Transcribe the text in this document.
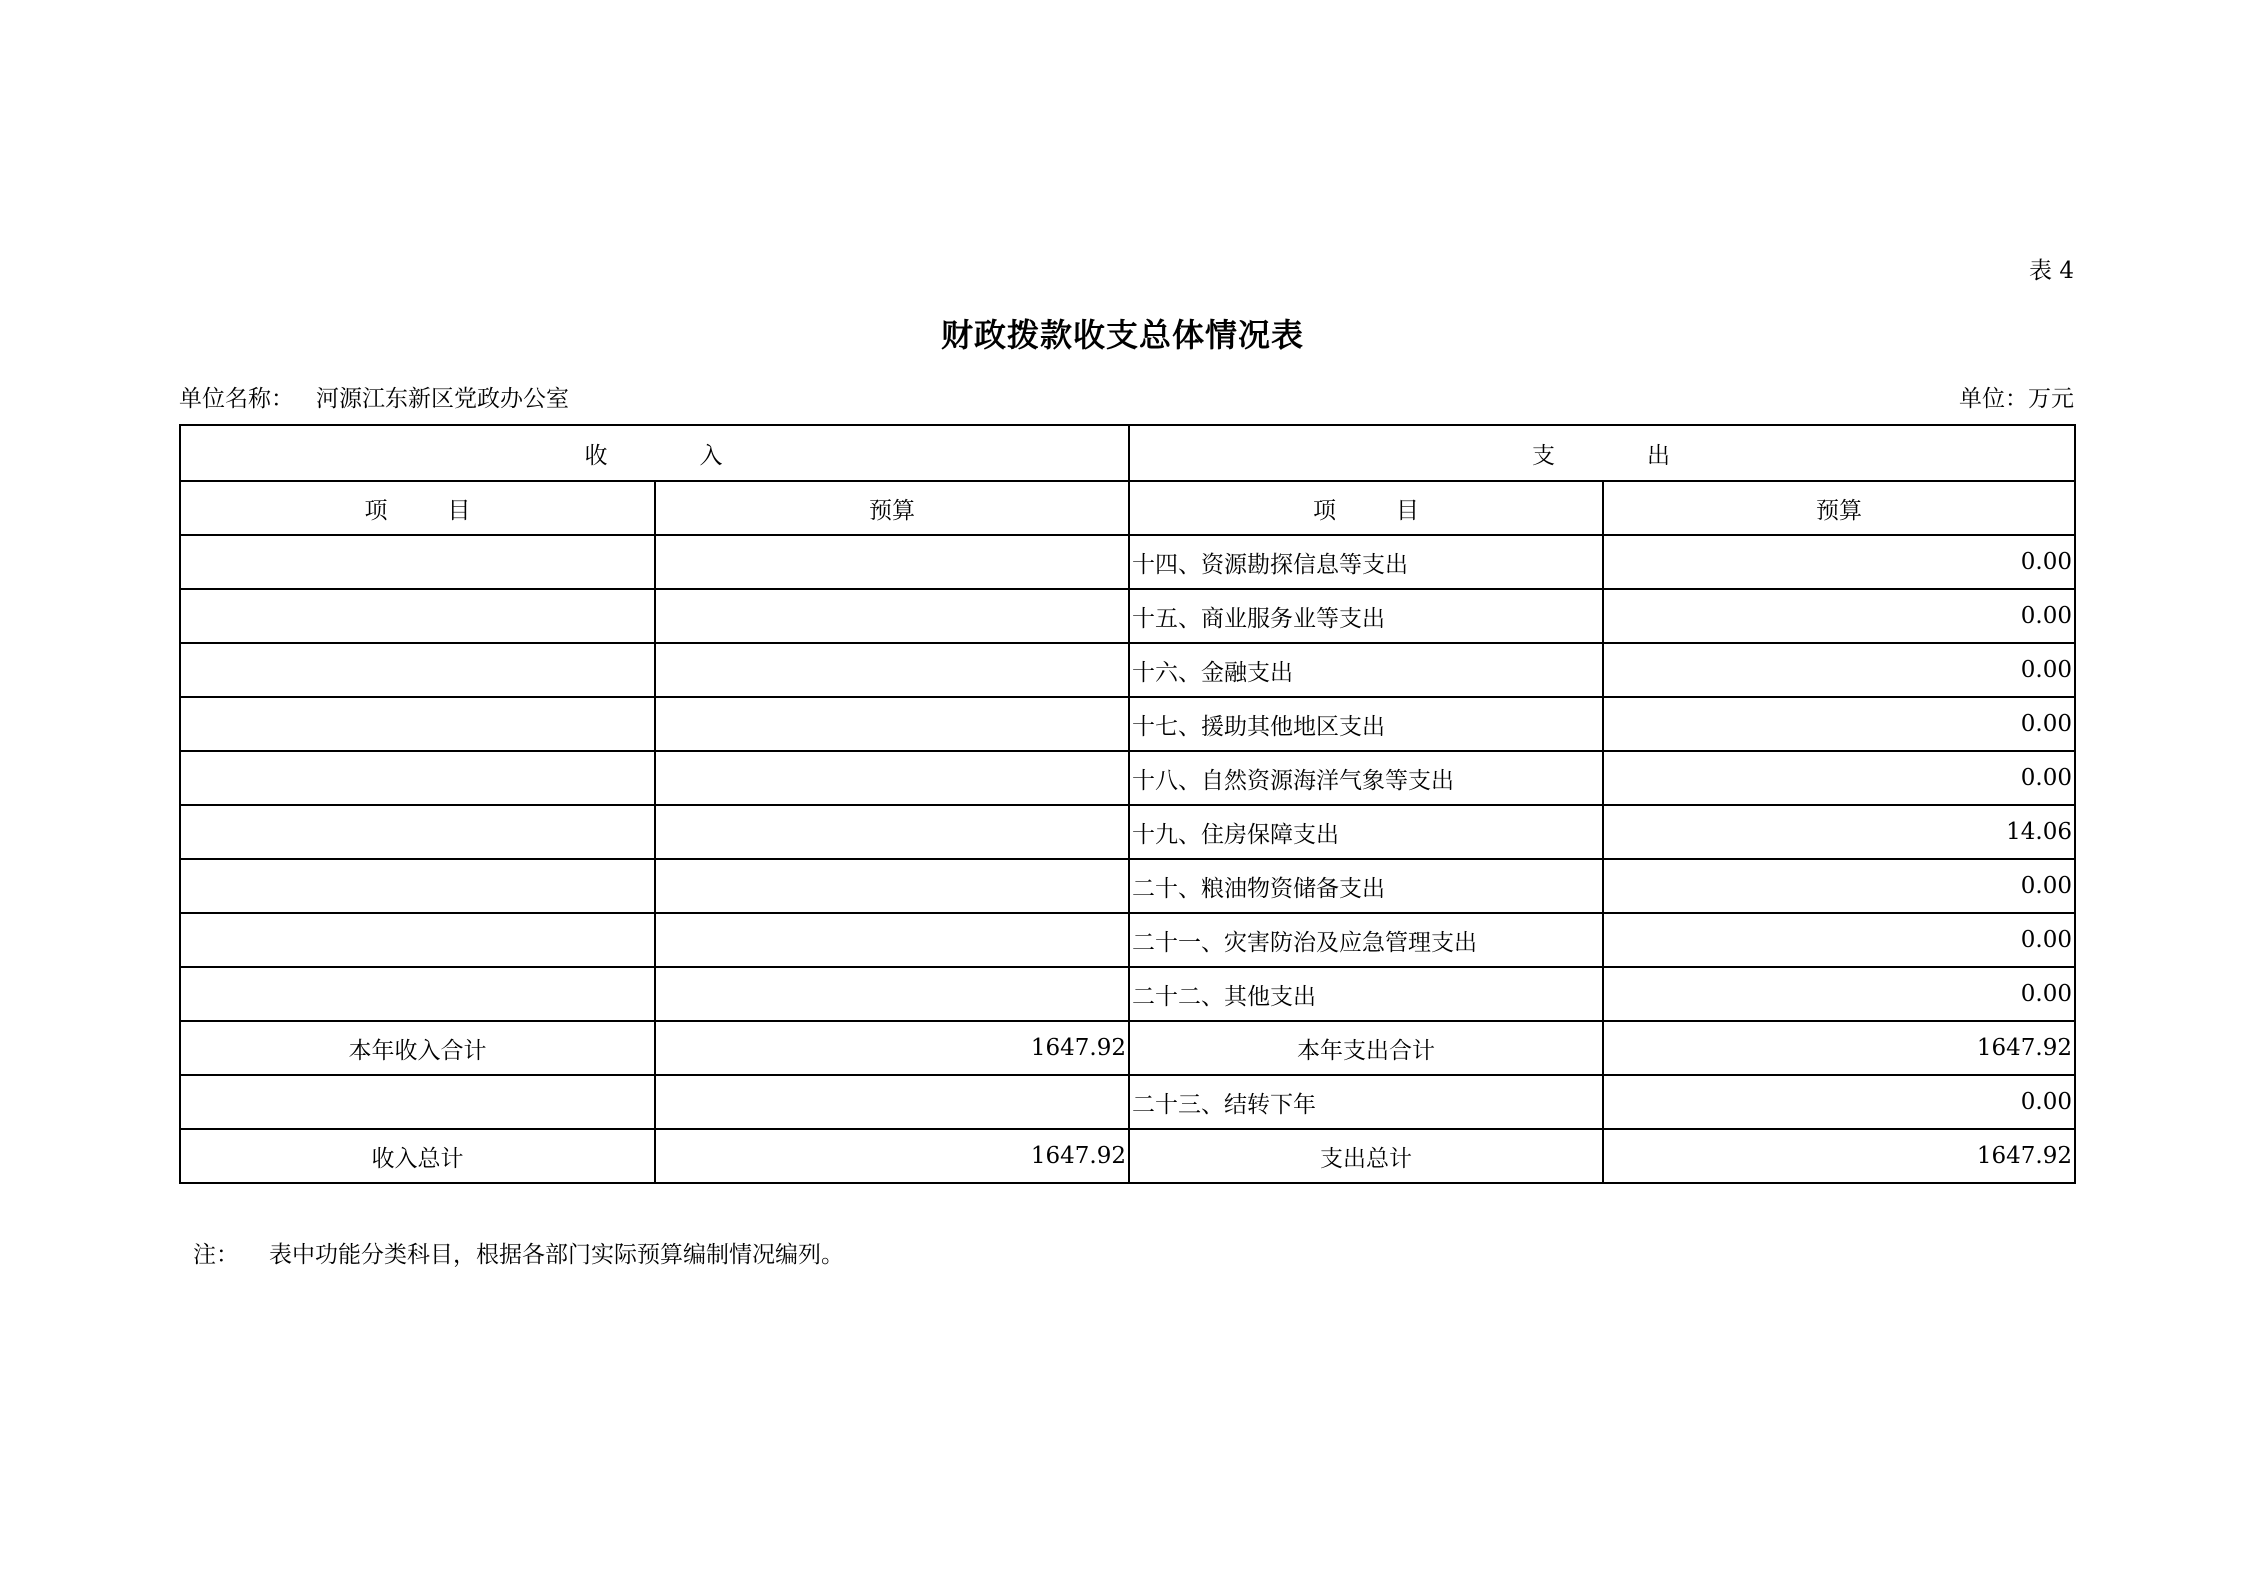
表 4
财政拨款收支总体情况表
单位名称： 河源江东新区党政办公室	单位：万元
收 入		支 出	
项 目	预算	项 目	预算
		十四、资源勘探信息等支出	0.00
		十五、商业服务业等支出	0.00
		十六、金融支出	0.00
		十七、援助其他地区支出	0.00
		十八、自然资源海洋气象等支出	0.00
		十九、住房保障支出	14.06
		二十、粮油物资储备支出	0.00
		二十一、灾害防治及应急管理支出	0.00
		二十二、其他支出	0.00
本年收入合计	1647.92	本年支出合计	1647.92
		二十三、结转下年	0.00
收入总计	1647.92	支出总计	1647.92
注： 表中功能分类科目，根据各部门实际预算编制情况编列。
